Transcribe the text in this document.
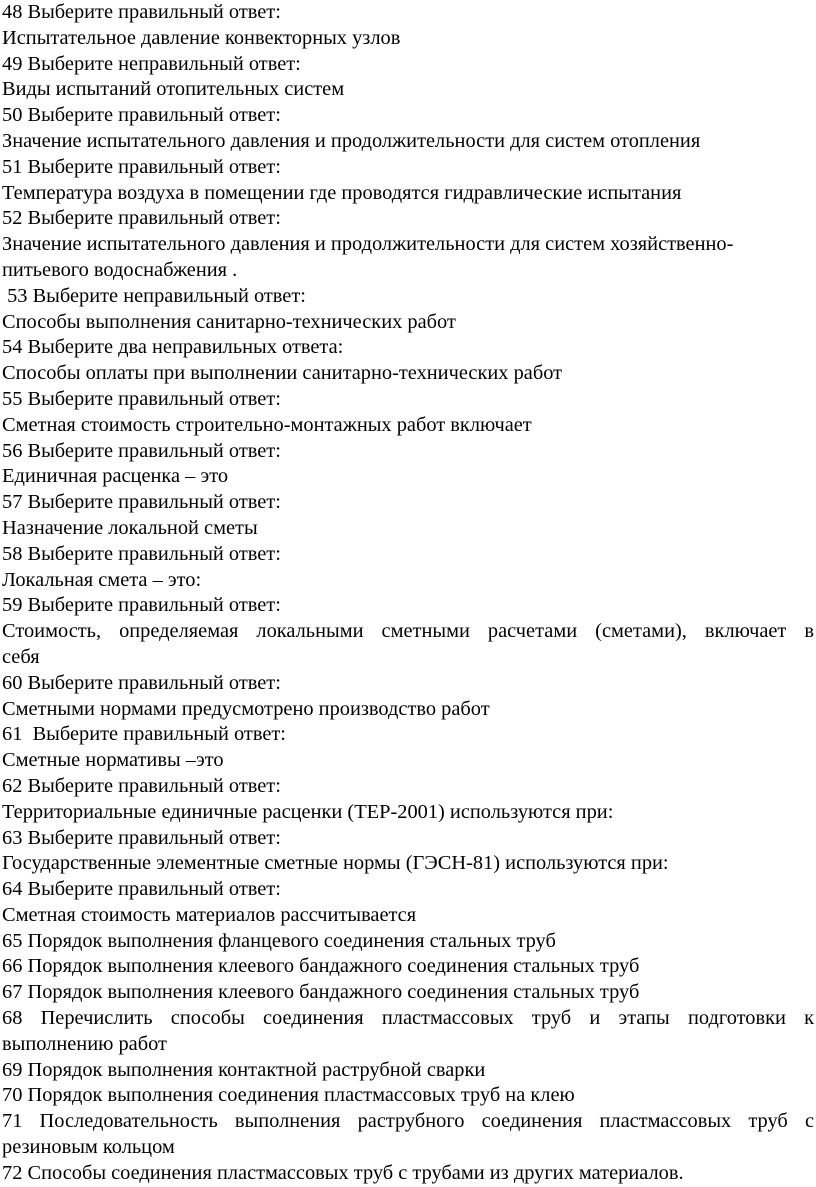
48 Выберите правильный ответ:
Испытательное давление конвекторных узлов
49 Выберите неправильный ответ:
Виды испытаний отопительных систем
50 Выберите правильный ответ:
Значение испытательного давления и продолжительности для систем отопления
51 Выберите правильный ответ:
Температура воздуха в помещении где проводятся гидравлические испытания
52 Выберите правильный ответ:
Значение испытательного давления и продолжительности для систем хозяйственно-
питьевого водоснабжения .
53 Выберите неправильный ответ:
Способы выполнения санитарно-технических работ
54 Выберите два неправильных ответа:
Способы оплаты при выполнении санитарно-технических работ
55 Выберите правильный ответ:
Сметная стоимость строительно-монтажных работ включает
56 Выберите правильный ответ:
Единичная расценка – это
57 Выберите правильный ответ:
Назначение локальной сметы
58 Выберите правильный ответ:
Локальная смета – это:
59 Выберите правильный ответ:
Стоимость, определяемая локальными сметными расчетами (сметами), включает в
себя
60 Выберите правильный ответ:
Сметными нормами предусмотрено производство работ
61  Выберите правильный ответ:
Сметные нормативы –это
62 Выберите правильный ответ:
Территориальные единичные расценки (ТЕР-2001) используются при:
63 Выберите правильный ответ:
Государственные элементные сметные нормы (ГЭСН-81) используются при:
64 Выберите правильный ответ:
Сметная стоимость материалов рассчитывается
65 Порядок выполнения фланцевого соединения стальных труб
66 Порядок выполнения клеевого бандажного соединения стальных труб
67 Порядок выполнения клеевого бандажного соединения стальных труб
68 Перечислить способы соединения пластмассовых труб и этапы подготовки к
выполнению работ
69 Порядок выполнения контактной раструбной сварки
70 Порядок выполнения соединения пластмассовых труб на клею
71 Последовательность выполнения раструбного соединения пластмассовых труб с
резиновым кольцом
72 Способы соединения пластмассовых труб с трубами из других материалов.
